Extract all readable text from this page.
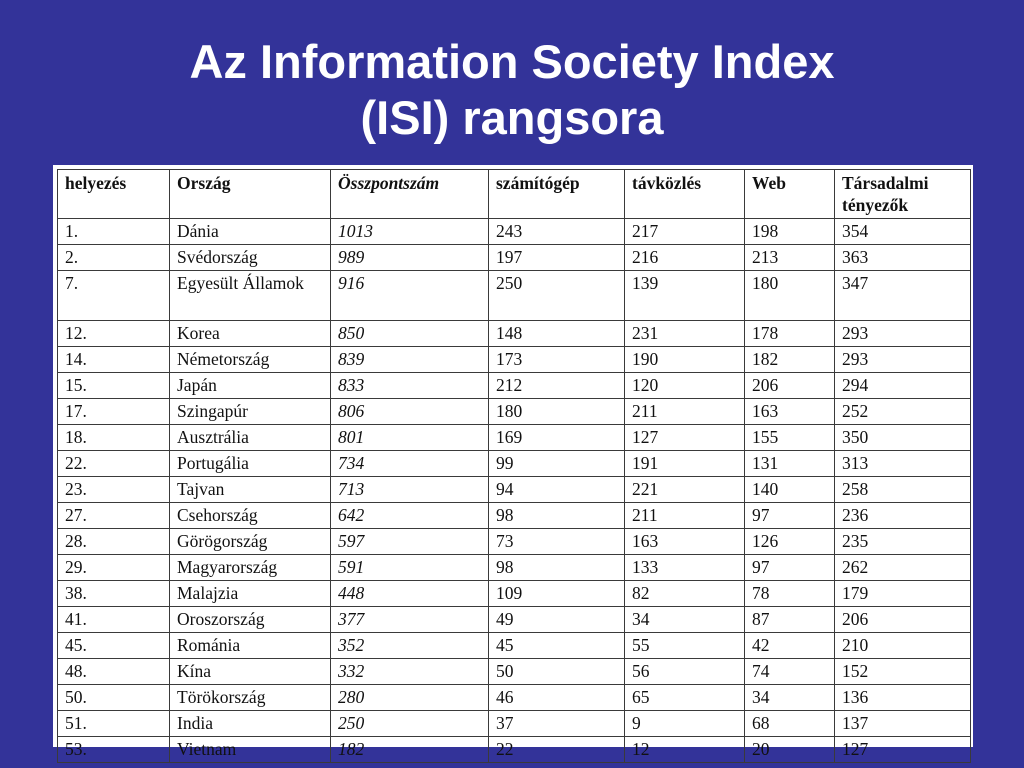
Az Information Society Index
(ISI) rangsora
helyezés	Ország	Összpontszám	számítógép	távközlés	Web	Társadalmi tényezők
1.	Dánia	1013	243	217	198	354
2.	Svédország	989	197	216	213	363
7.	Egyesült Államok	916	250	139	180	347
12.	Korea	850	148	231	178	293
14.	Németország	839	173	190	182	293
15.	Japán	833	212	120	206	294
17.	Szingapúr	806	180	211	163	252
18.	Ausztrália	801	169	127	155	350
22.	Portugália	734	99	191	131	313
23.	Tajvan	713	94	221	140	258
27.	Csehország	642	98	211	97	236
28.	Görögország	597	73	163	126	235
29.	Magyarország	591	98	133	97	262
38.	Malajzia	448	109	82	78	179
41.	Oroszország	377	49	34	87	206
45.	Románia	352	45	55	42	210
48.	Kína	332	50	56	74	152
50.	Törökország	280	46	65	34	136
51.	India	250	37	9	68	137
53.	Vietnam	182	22	12	20	127
